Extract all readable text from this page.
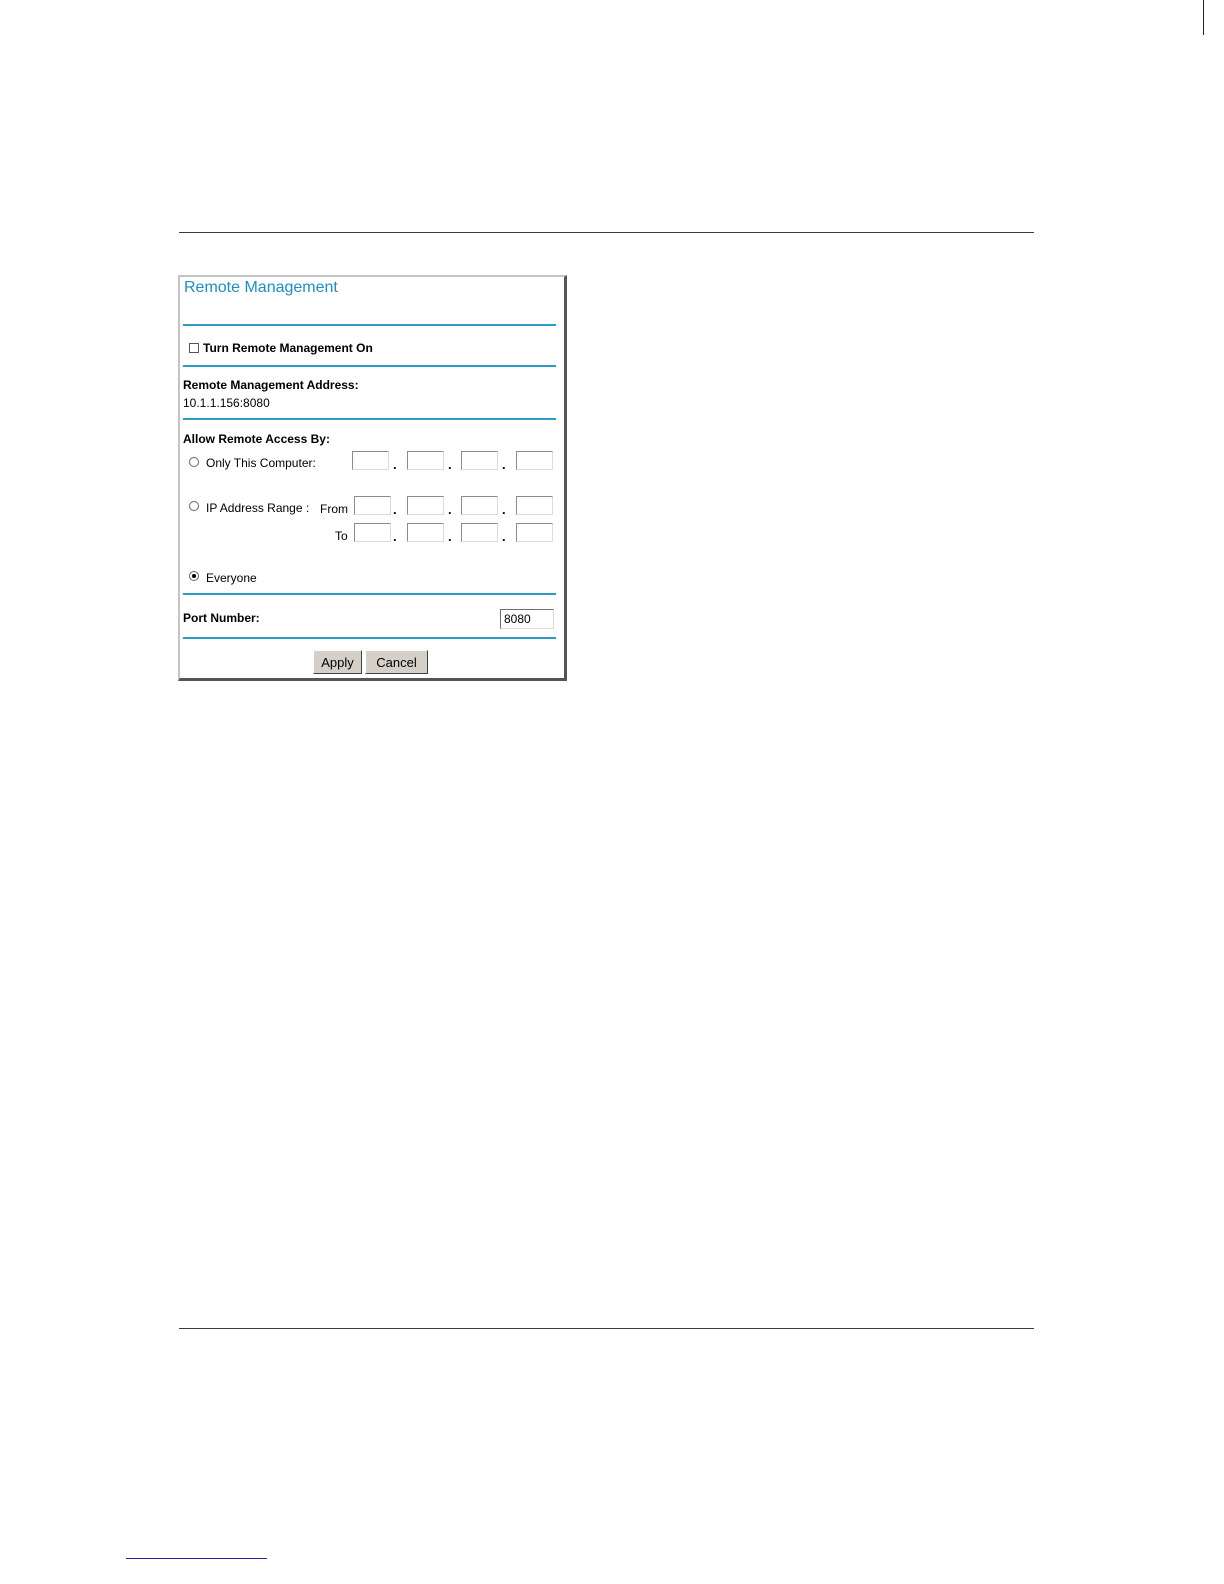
Remote Management
Turn Remote Management On
Remote Management Address:
10.1.1.156:8080
Allow Remote Access By:
Only This Computer:	.	.	.
IP Address Range : From	.	.	.
To	.	.	.
Everyone
Port Number:
8080
Apply	Cancel
